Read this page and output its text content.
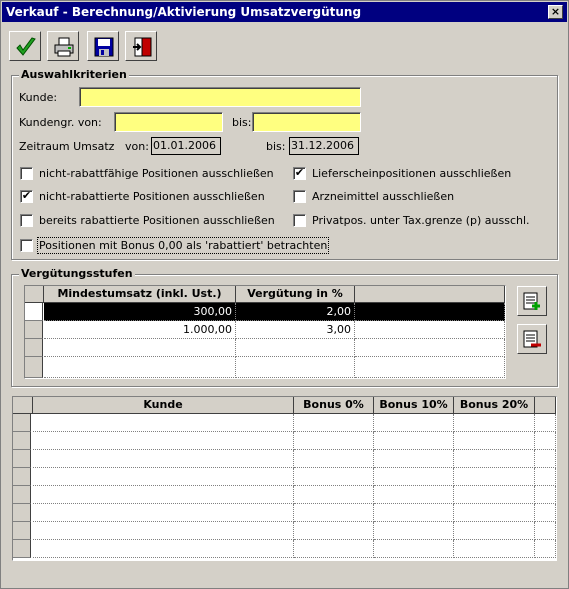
Verkauf - Berechnung/Aktivierung Umsatzvergütung	×
Auswahlkriterien
Kunde:
Kundengr. von:	bis:
Zeitraum Umsatz von: 01.01.2006	bis: 31.12.2006
nicht-rabattfähige Positionen ausschließen ✔ Lieferscheinpositionen ausschließen
✔ nicht-rabattierte Positionen ausschließen	Arzneimittel ausschließen
bereits rabattierte Positionen ausschließen	Privatpos. unter Tax.grenze (p) ausschl.
Positionen mit Bonus 0,00 als 'rabattiert' betrachten
Vergütungsstufen
Mindestumsatz (inkl. Ust.)	Vergütung in %
300,00	2,00
1.000,00	3,00
Kunde	Bonus 0%	Bonus 10%	Bonus 20%
